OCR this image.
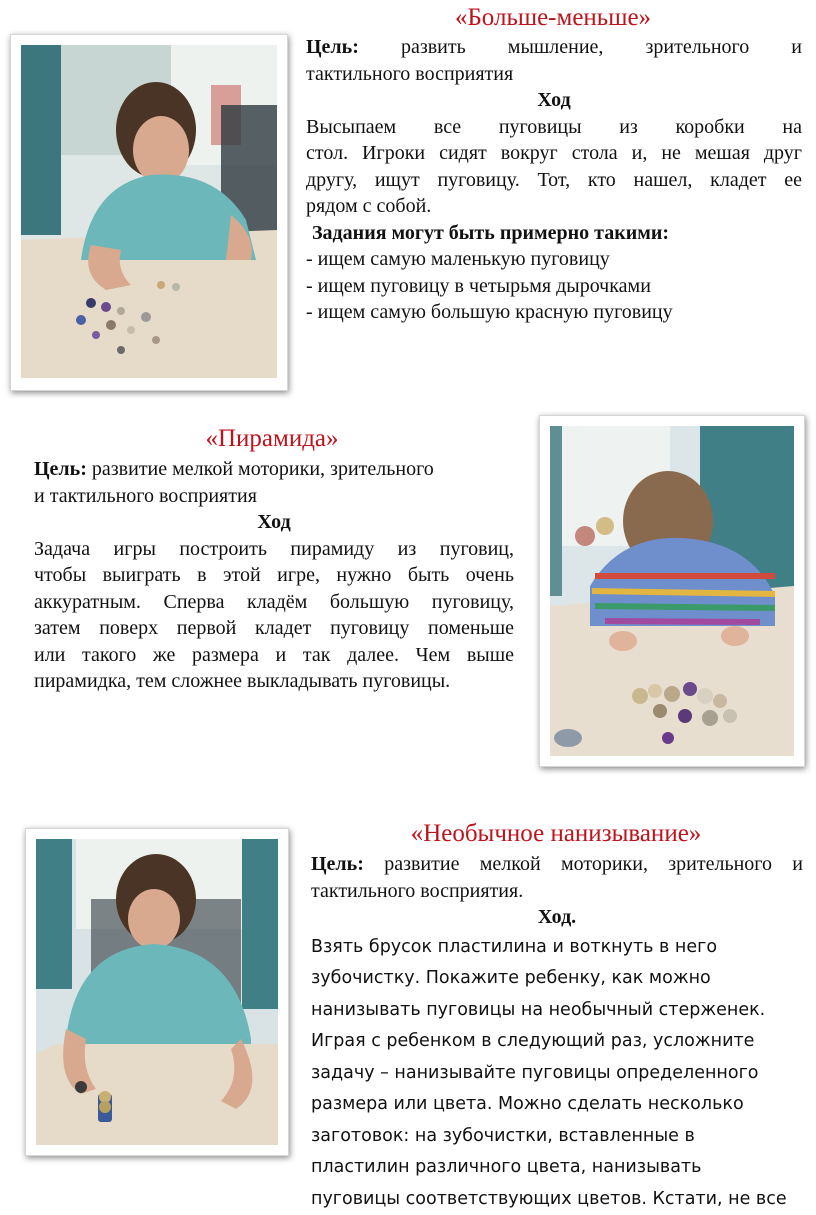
«Больше-меньше»

Цель: развить мышление, зрительного и

тактильного восприятия

Ход

Высыпаем все пуговицы из коробки на

стол. Игроки сидят вокруг стола и, не мешая друг

другу, ищут пуговицу. Тот, кто нашел, кладет ее

рядом с собой.

Задания могут быть примерно такими:

- ищем самую маленькую пуговицу

- ищем пуговицу в четырьмя дырочками

- ищем самую большую красную пуговицу

«Пирамида»

Цель: развитие мелкой моторики, зрительного

и тактильного восприятия

Ход

Задача игры построить пирамиду из пуговиц,

чтобы выиграть в этой игре, нужно быть очень

аккуратным. Сперва кладём большую пуговицу,

затем поверх первой кладет пуговицу поменьше

или такого же размера и так далее. Чем выше

пирамидка, тем сложнее выкладывать пуговицы.

«Необычное нанизывание»

Цель: развитие мелкой моторики, зрительного и

тактильного восприятия.

Ход.

Взять брусок пластилина и воткнуть в него

зубочистку. Покажите ребенку, как можно

нанизывать пуговицы на необычный стерженек.

Играя с ребенком в следующий раз, усложните

задачу – нанизывайте пуговицы определенного

размера или цвета. Можно сделать несколько

заготовок: на зубочистки, вставленные в

пластилин различного цвета, нанизывать

пуговицы соответствующих цветов. Кстати, не все
